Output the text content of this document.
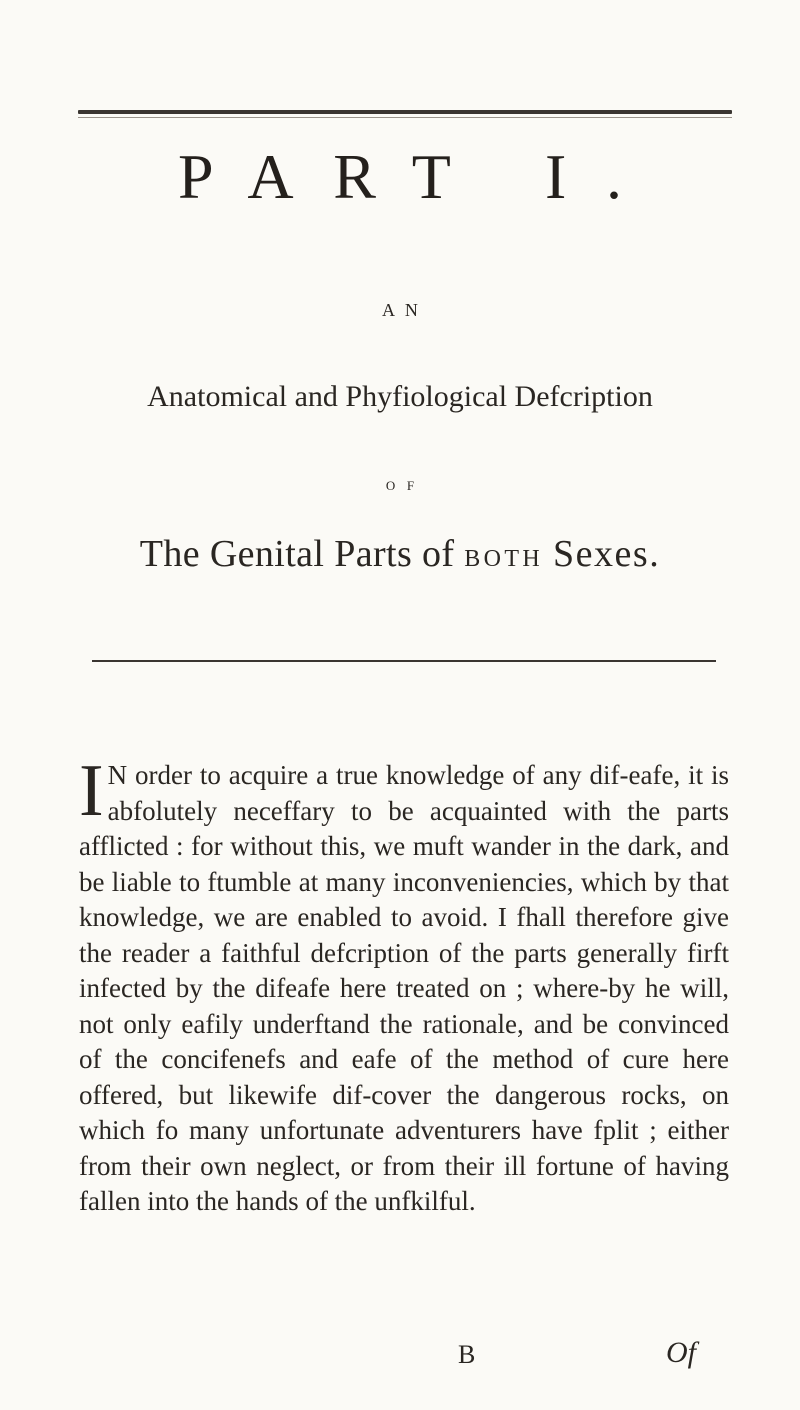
PART I.
AN
Anatomical and Phyfiological Defcription
OF
The Genital Parts of BOTH Sexes.
I N order to acquire a true knowledge of any dif-eafe, it is abfolutely neceffary to be acquainted with the parts afflicted : for without this, we muft wander in the dark, and be liable to ftumble at many inconveniencies, which by that knowledge, we are enabled to avoid. I fhall therefore give the reader a faithful defcription of the parts generally firft infected by the difeafe here treated on ; where-by he will, not only eafily underftand the rationale, and be convinced of the concifenefs and eafe of the method of cure here offered, but likewife dif-cover the dangerous rocks, on which fo many unfortunate adventurers have fplit ; either from their own neglect, or from their ill fortune of having fallen into the hands of the unfkilful.
B	Of
